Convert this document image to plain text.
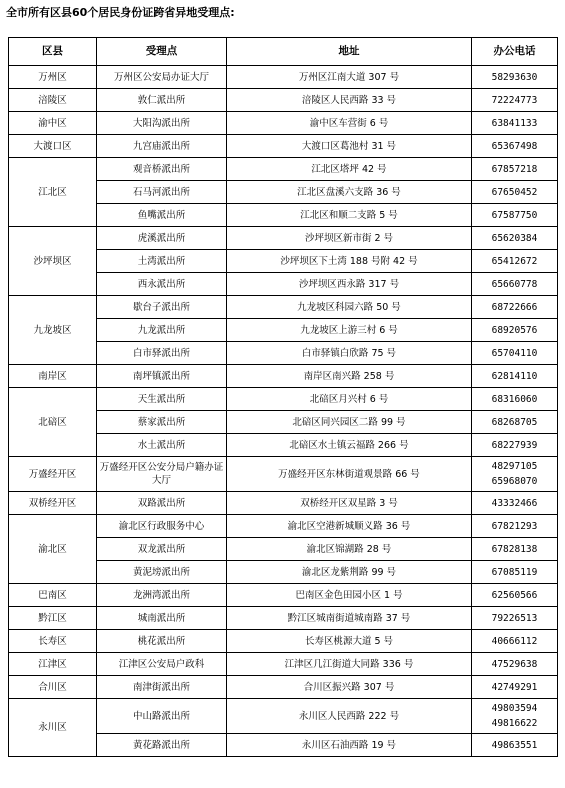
全市所有区县60个居民身份证跨省异地受理点:
区县	受理点	地址	办公电话
万州区	万州区公安局办证大厅	万州区江南大道 307 号	58293630

涪陵区	敦仁派出所	涪陵区人民西路 33 号	72224773

渝中区	大阳沟派出所	渝中区车营街 6 号	63841133

大渡口区	九宫庙派出所	大渡口区葛池村 31 号	65367498

江北区	观音桥派出所	江北区塔坪 42 号	67857218

	石马河派出所	江北区盘溪六支路 36 号	67650452

	鱼嘴派出所	江北区和顺二支路 5 号	67587750

沙坪坝区	虎溪派出所	沙坪坝区新市街 2 号	65620384

	土湾派出所	沙坪坝区下土湾 188 号附 42 号	65412672

	西永派出所	沙坪坝区西永路 317 号	65660778

九龙坡区	歇台子派出所	九龙坡区科园六路 50 号	68722666

	九龙派出所	九龙坡区上游三村 6 号	68920576

	白市驿派出所	白市驿镇白欣路 75 号	65704110

南岸区	南坪镇派出所	南岸区南兴路 258 号	62814110

北碚区	天生派出所	北碚区月兴村 6 号	68316060

	蔡家派出所	北碚区同兴园区二路 99 号	68268705

	水土派出所	北碚区水土镇云福路 266 号	68227939

万盛经开区	万盛经开区公安分局户籍办证大厅	万盛经开区东林街道观景路 66 号	48297105
65968070

双桥经开区	双路派出所	双桥经开区双星路 3 号	43332466

渝北区	渝北区行政服务中心	渝北区空港新城顺义路 36 号	67821293

	双龙派出所	渝北区锦湖路 28 号	67828138

	黄泥塝派出所	渝北区龙紫荆路 99 号	67085119

巴南区	龙洲湾派出所	巴南区金色田园小区 1 号	62560566

黔江区	城南派出所	黔江区城南街道城南路 37 号	79226513

长寿区	桃花派出所	长寿区桃源大道 5 号	40666112

江津区	江津区公安局户政科	江津区几江街道大同路 336 号	47529638

合川区	南津街派出所	合川区振兴路 307 号	42749291

永川区	中山路派出所	永川区人民西路 222 号	49803594
49816622

	黄花路派出所	永川区石油西路 19 号	49863551
